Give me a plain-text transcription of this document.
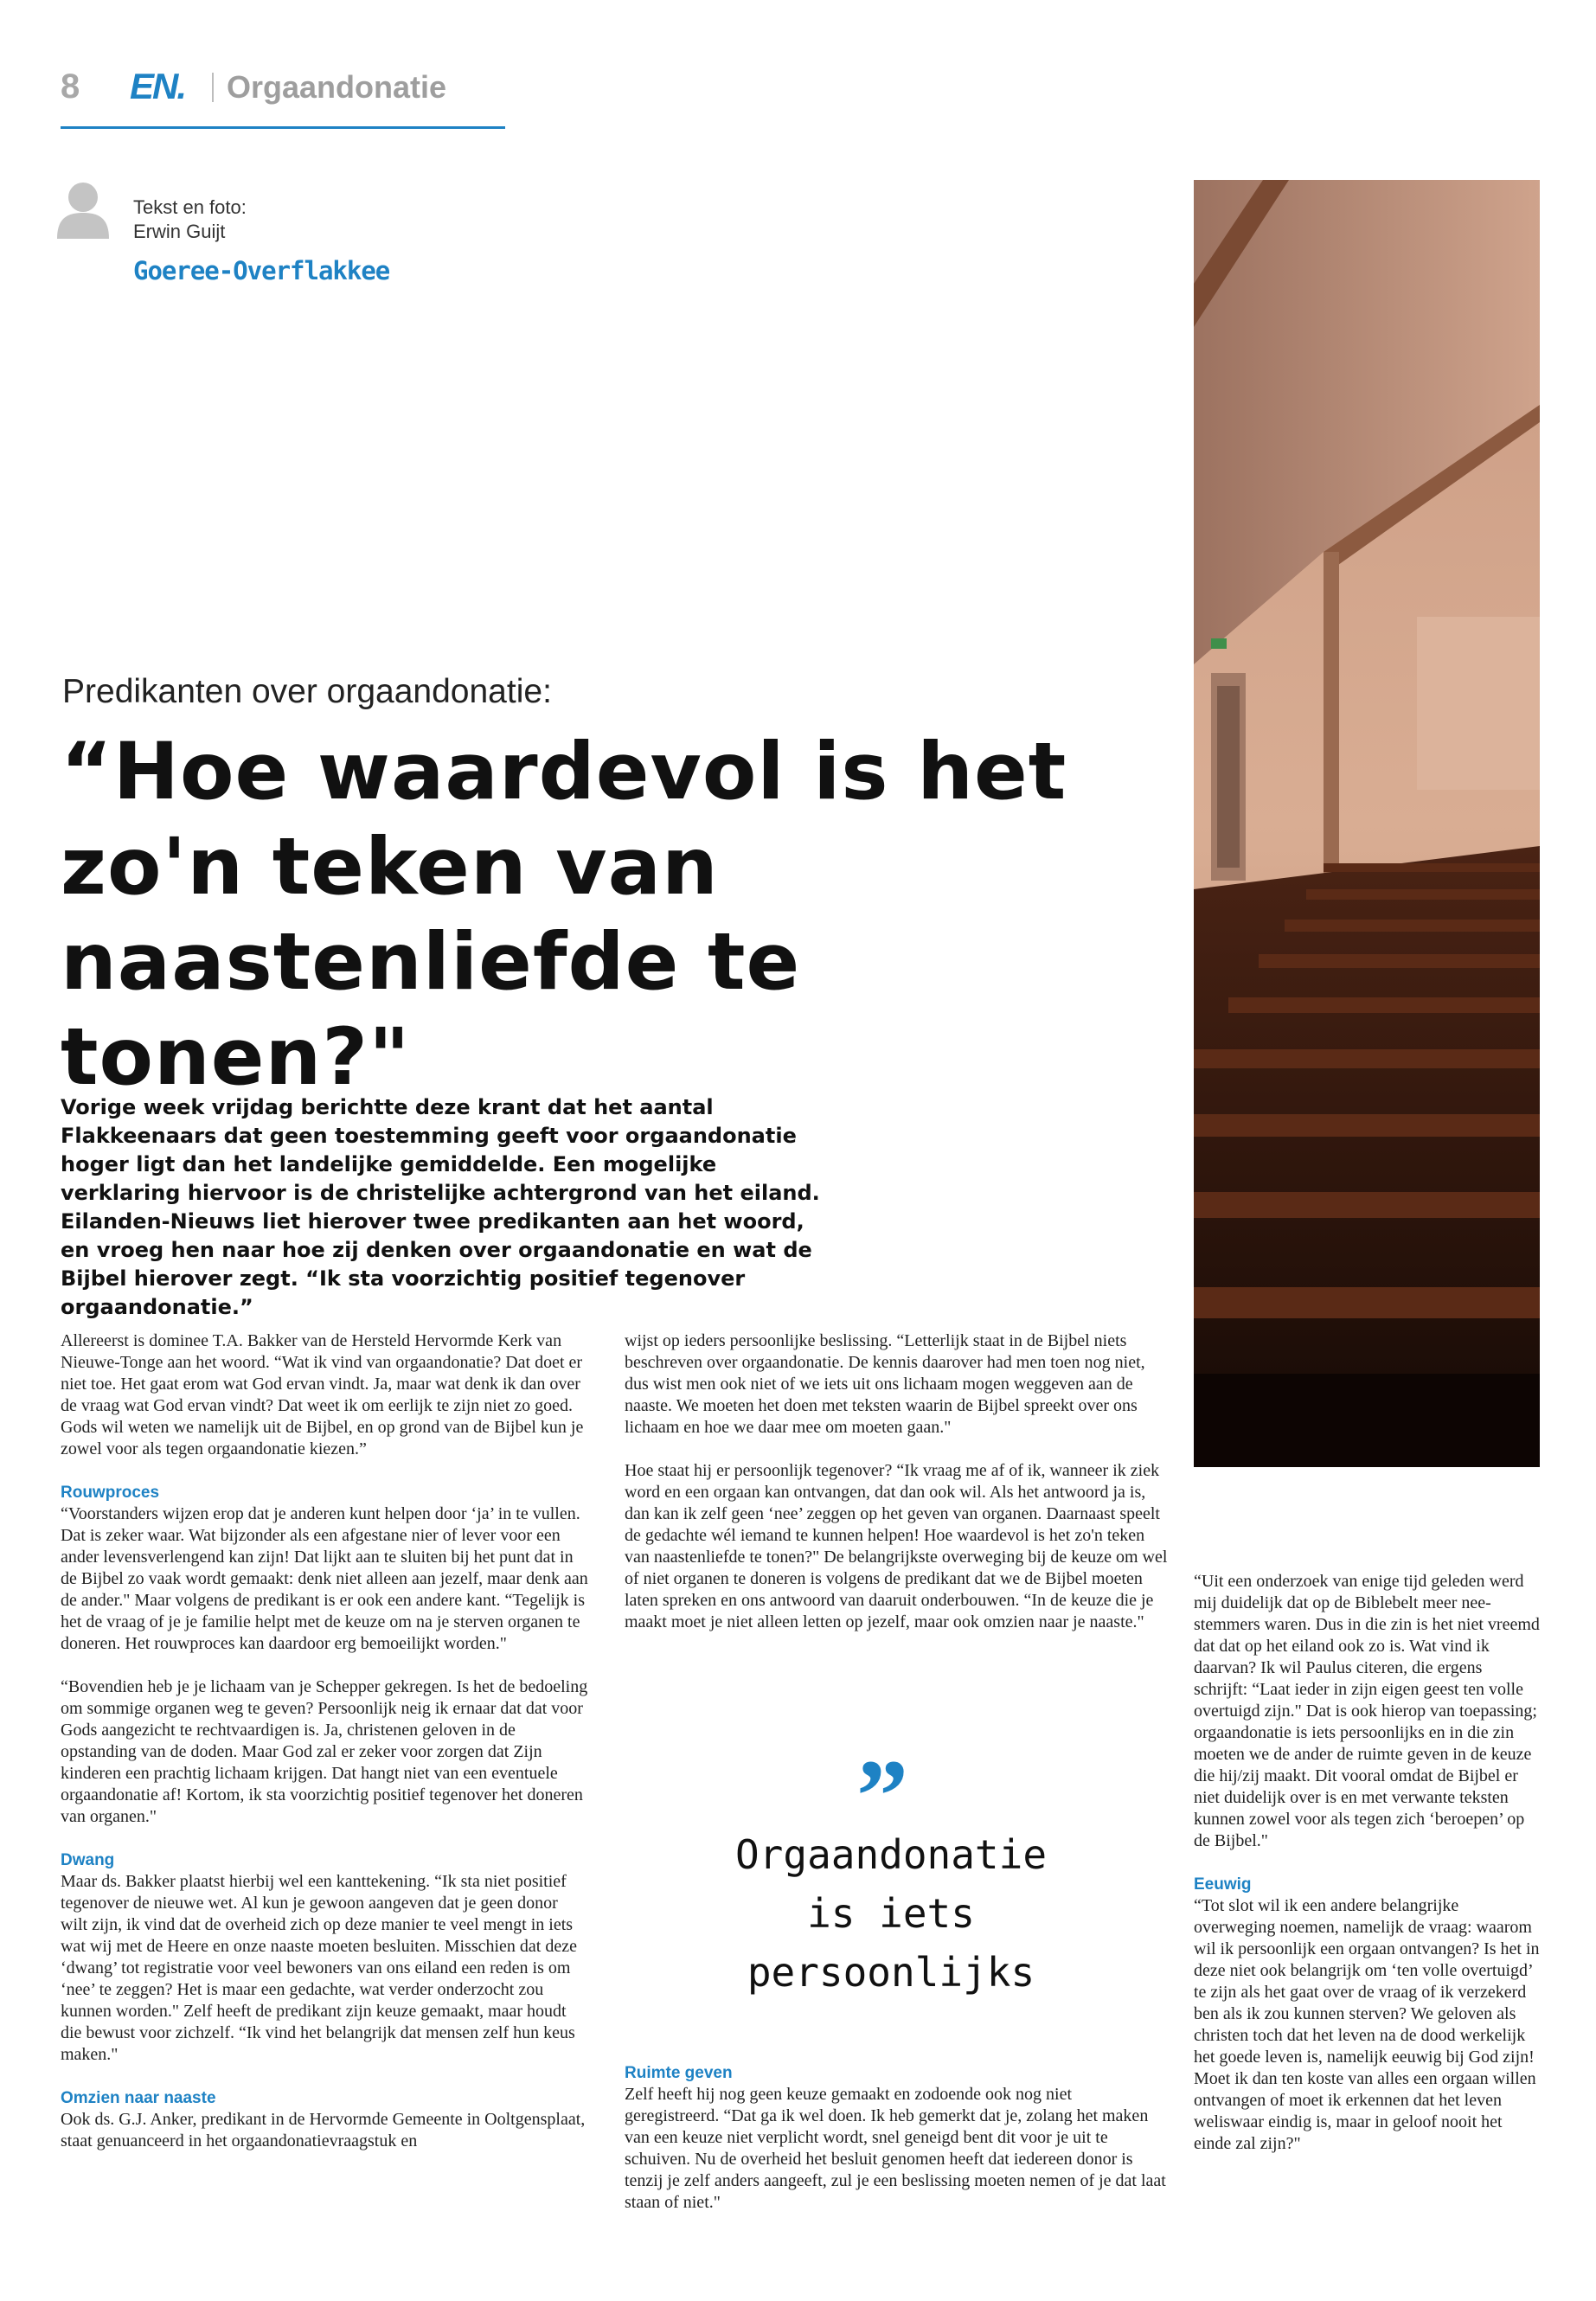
8 EN. Orgaandonatie
Tekst en foto:
Erwin Guijt
Goeree-Overflakkee
Predikanten over orgaandonatie:
“Hoe waardevol is het
zo'n teken van
naastenliefde te tonen?"
Vorige week vrijdag berichtte deze krant dat het aantal Flakkeenaars dat geen toestemming geeft voor orgaandonatie hoger ligt dan het landelijke gemiddelde. Een mogelijke verklaring hiervoor is de christelijke achtergrond van het eiland. Eilanden-Nieuws liet hierover twee predikanten aan het woord, en vroeg hen naar hoe zij denken over orgaandonatie en wat de Bijbel hierover zegt. “Ik sta voorzichtig positief tegenover orgaandonatie.”

Allereerst is dominee T.A. Bakker van de Hersteld Hervormde Kerk van Nieuwe-Tonge aan het woord. “Wat ik vind van orgaandonatie? Dat doet er niet toe. Het gaat erom wat God ervan vindt. Ja, maar wat denk ik dan over de vraag wat God ervan vindt? Dat weet ik om eerlijk te zijn niet zo goed. Gods wil weten we namelijk uit de Bijbel, en op grond van de Bijbel kun je zowel voor als tegen orgaandonatie kiezen.”

Rouwproces

“Voorstanders wijzen erop dat je anderen kunt helpen door ‘ja’ in te vullen. Dat is zeker waar. Wat bijzonder als een afgestane nier of lever voor een ander levensverlengend kan zijn! Dat lijkt aan te sluiten bij het punt dat in de Bijbel zo vaak wordt gemaakt: denk niet alleen aan jezelf, maar denk aan de ander." Maar volgens de predikant is er ook een andere kant. “Tegelijk is het de vraag of je je familie helpt met de keuze om na je sterven organen te doneren. Het rouwproces kan daardoor erg bemoeilijkt worden."

“Bovendien heb je je lichaam van je Schepper gekregen. Is het de bedoeling om sommige organen weg te geven? Persoonlijk neig ik ernaar dat dat voor Gods aangezicht te rechtvaardigen is. Ja, christenen geloven in de opstanding van de doden. Maar God zal er zeker voor zorgen dat Zijn kinderen een prachtig lichaam krijgen. Dat hangt niet van een eventuele orgaandonatie af! Kortom, ik sta voorzichtig positief tegenover het doneren van organen."

Dwang

Maar ds. Bakker plaatst hierbij wel een kanttekening. “Ik sta niet positief tegenover de nieuwe wet. Al kun je gewoon aangeven dat je geen donor wilt zijn, ik vind dat de overheid zich op deze manier te veel mengt in iets wat wij met de Heere en onze naaste moeten besluiten. Misschien dat deze ‘dwang’ tot registratie voor veel bewoners van ons eiland een reden is om ‘nee’ te zeggen? Het is maar een gedachte, wat verder onderzocht zou kunnen worden." Zelf heeft de predikant zijn keuze gemaakt, maar houdt die bewust voor zichzelf. “Ik vind het belangrijk dat mensen zelf hun keus maken."

Omzien naar naaste

Ook ds. G.J. Anker, predikant in de Hervormde Gemeente in Ooltgensplaat, staat genuanceerd in het orgaandonatievraagstuk en

wijst op ieders persoonlijke beslissing. “Letterlijk staat in de Bijbel niets beschreven over orgaandonatie. De kennis daarover had men toen nog niet, dus wist men ook niet of we iets uit ons lichaam mogen weggeven aan de naaste. We moeten het doen met teksten waarin de Bijbel spreekt over ons lichaam en hoe we daar mee om moeten gaan."

Hoe staat hij er persoonlijk tegenover? “Ik vraag me af of ik, wanneer ik ziek word en een orgaan kan ontvangen, dat dan ook wil. Als het antwoord ja is, dan kan ik zelf geen ‘nee’ zeggen op het geven van organen. Daarnaast speelt de gedachte wél iemand te kunnen helpen! Hoe waardevol is het zo'n teken van naastenliefde te tonen?" De belangrijkste overweging bij de keuze om wel of niet organen te doneren is volgens de predikant dat we de Bijbel moeten laten spreken en ons antwoord van daaruit onderbouwen. “In de keuze die je maakt moet je niet alleen letten op jezelf, maar ook omzien naar je naaste."

Ruimte geven

Zelf heeft hij nog geen keuze gemaakt en zodoende ook nog niet geregistreerd. “Dat ga ik wel doen. Ik heb gemerkt dat je, zolang het maken van een keuze niet verplicht wordt, snel geneigd bent dit voor je uit te schuiven. Nu de overheid het besluit genomen heeft dat iedereen donor is tenzij je zelf anders aangeeft, zul je een beslissing moeten nemen of je dat laat staan of niet."

”
Orgaandonatie
is iets
persoonlijks

“Uit een onderzoek van enige tijd geleden werd mij duidelijk dat op de Biblebelt meer nee-stemmers waren. Dus in die zin is het niet vreemd dat dat op het eiland ook zo is. Wat vind ik daarvan? Ik wil Paulus citeren, die ergens schrijft: “Laat ieder in zijn eigen geest ten volle overtuigd zijn." Dat is ook hierop van toepassing; orgaandonatie is iets persoonlijks en in die zin moeten we de ander de ruimte geven in de keuze die hij/zij maakt. Dit vooral omdat de Bijbel er niet duidelijk over is en met verwante teksten kunnen zowel voor als tegen zich ‘beroepen’ op de Bijbel."

Eeuwig

“Tot slot wil ik een andere belangrijke overweging noemen, namelijk de vraag: waarom wil ik persoonlijk een orgaan ontvangen? Is het in deze niet ook belangrijk om ‘ten volle overtuigd’ te zijn als het gaat over de vraag of ik verzekerd ben als ik zou kunnen sterven? We geloven als christen toch dat het leven na de dood werkelijk het goede leven is, namelijk eeuwig bij God zijn! Moet ik dan ten koste van alles een orgaan willen ontvangen of moet ik erkennen dat het leven weliswaar eindig is, maar in geloof nooit het einde zal zijn?"
